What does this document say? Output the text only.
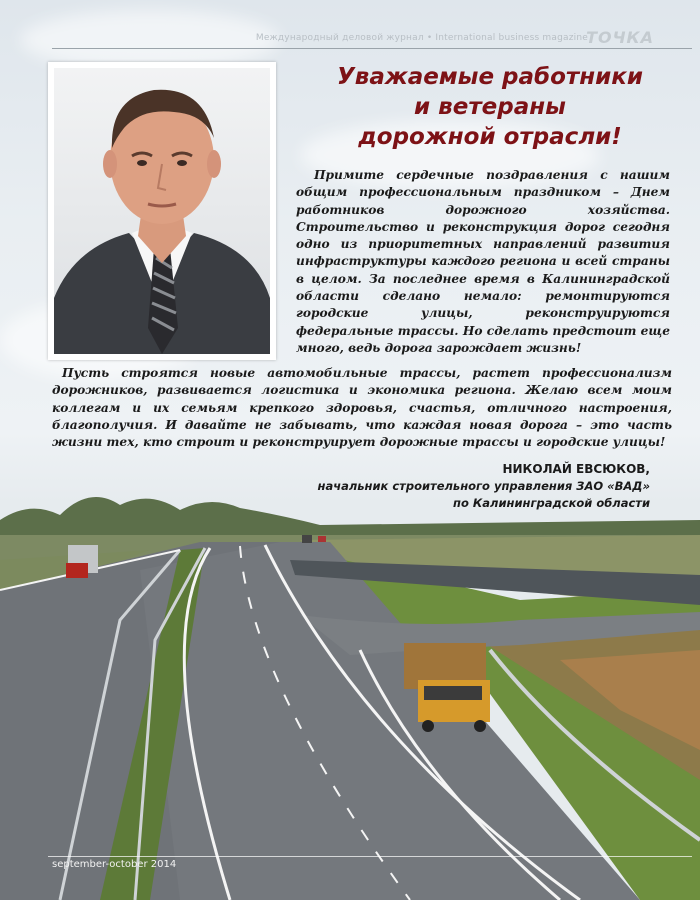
Международный деловой журнал • International business magazine
ТОЧКА
Уважаемые работники
и ветераны
дорожной отрасли!

Примите сердечные поздравления с нашим общим профессиональным праздником – Днем работников дорожного хозяйства. Строительство и реконструкция дорог сегодня одно из приоритетных направлений развития инфраструктуры каждого региона и всей страны в целом. За последнее время в Калининградской области сделано немало: ремонтируются городские улицы, реконструируются федеральные трассы. Но сделать предстоит еще много, ведь дорога зарождает жизнь!

Пусть строятся новые автомобильные трассы, растет профессионализм дорожников, развивается логистика и экономика региона. Желаю всем моим коллегам и их семьям крепкого здоровья, счастья, отличного настроения, благополучия. И давайте не забывать, что каждая новая дорога – это часть жизни тех, кто строит и реконструирует дорожные трассы и городские улицы!

НИКОЛАЙ ЕВСЮКОВ,
начальник строительного управления ЗАО «ВАД»
по Калининградской области
september-october 2014
